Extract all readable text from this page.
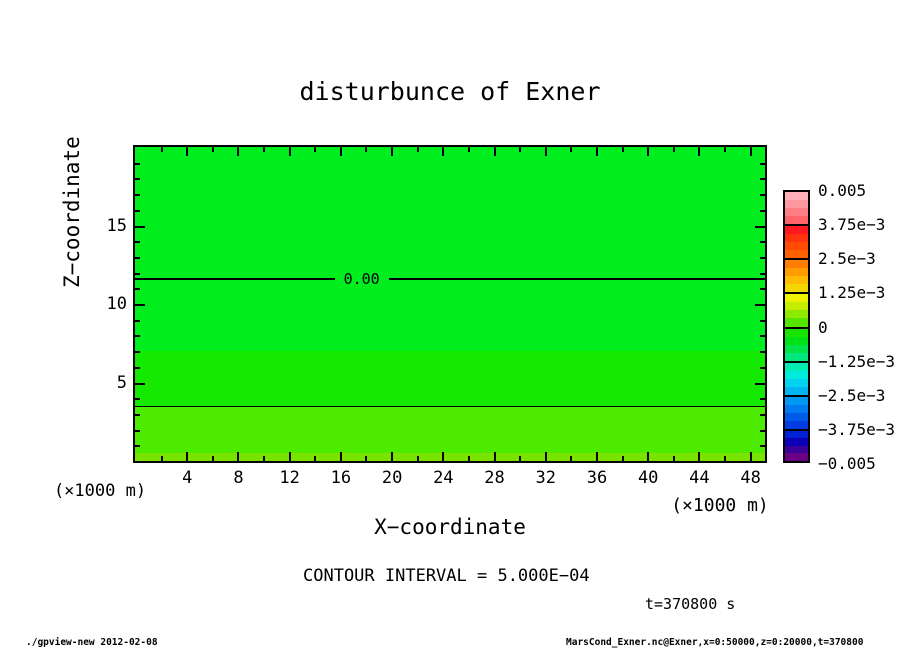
disturbunce of Exner
0.00
Z−coordinate
(×1000 m)
(×1000 m)
X−coordinate
CONTOUR INTERVAL = 5.000E−04
t=370800 s
0.005
3.75e−3
2.5e−3
1.25e−3
0
−1.25e−3
−2.5e−3
−3.75e−3
−0.005
./gpview-new 2012-02-08	MarsCond_Exner.nc@Exner,x=0:50000,z=0:20000,t=370800
4	8	12	16	20	24	28	32	36	40	44	48
5
10
15
